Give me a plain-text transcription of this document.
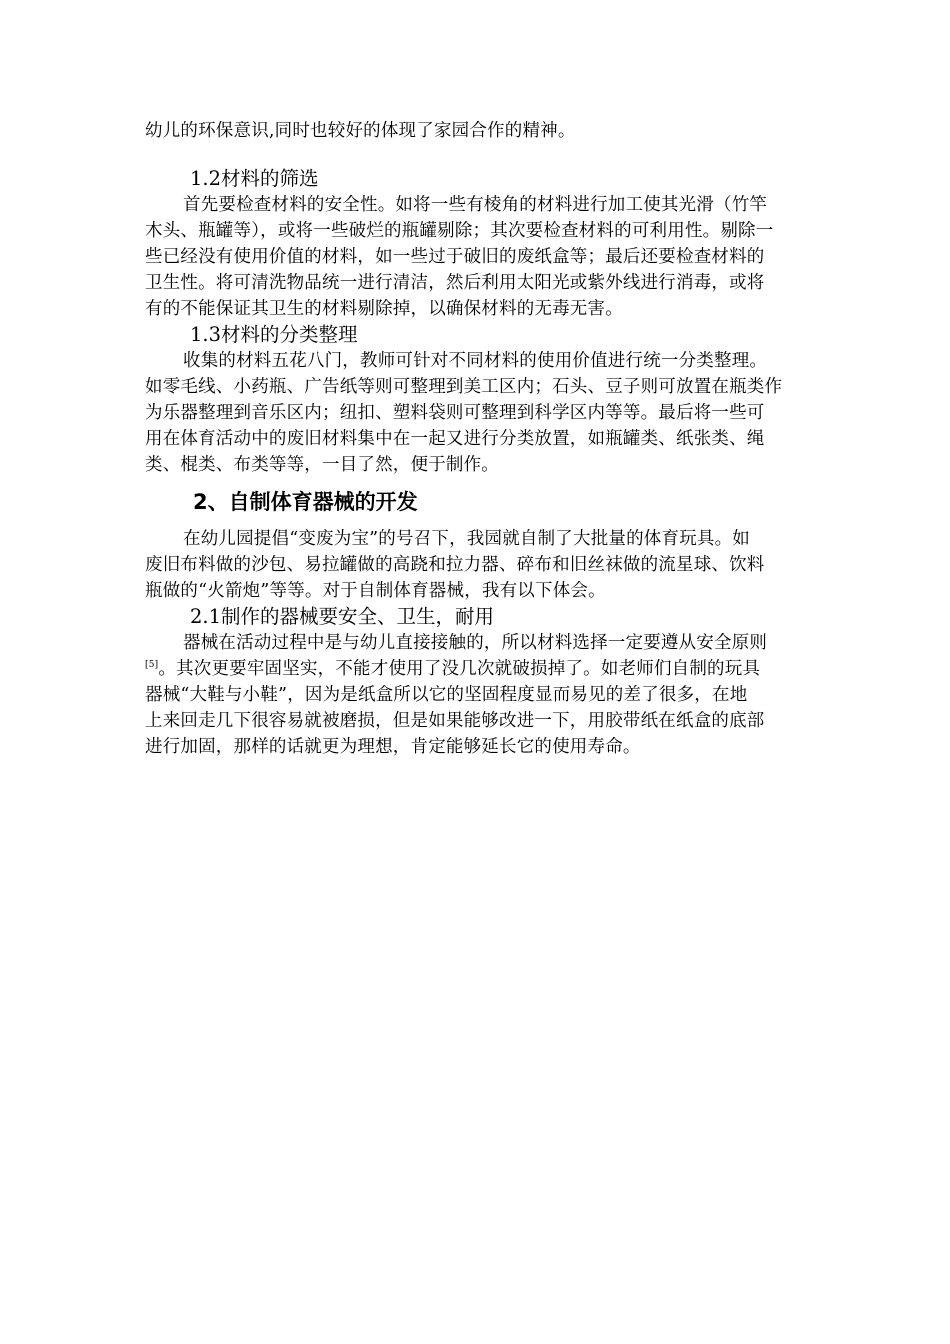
幼儿的环保意识,同时也较好的体现了家园合作的精神。
1.2材料的筛选
首先要检查材料的安全性。如将一些有棱角的材料进行加工使其光滑（竹竿
木头、瓶罐等），或将一些破烂的瓶罐剔除；其次要检查材料的可利用性。剔除一
些已经没有使用价值的材料，如一些过于破旧的废纸盒等；最后还要检查材料的
卫生性。将可清洗物品统一进行清洁，然后利用太阳光或紫外线进行消毒，或将
有的不能保证其卫生的材料剔除掉，以确保材料的无毒无害。
1.3材料的分类整理
收集的材料五花八门，教师可针对不同材料的使用价值进行统一分类整理。
如零毛线、小药瓶、广告纸等则可整理到美工区内；石头、豆子则可放置在瓶类作
为乐器整理到音乐区内；纽扣、塑料袋则可整理到科学区内等等。最后将一些可
用在体育活动中的废旧材料集中在一起又进行分类放置，如瓶罐类、纸张类、绳
类、棍类、布类等等，一目了然，便于制作。
2、自制体育器械的开发
在幼儿园提倡“变废为宝”的号召下，我园就自制了大批量的体育玩具。如
废旧布料做的沙包、易拉罐做的高跷和拉力器、碎布和旧丝袜做的流星球、饮料
瓶做的“火箭炮”等等。对于自制体育器械，我有以下体会。
2.1制作的器械要安全、卫生，耐用
器械在活动过程中是与幼儿直接接触的，所以材料选择一定要遵从安全原则
[5]。其次更要牢固坚实，不能才使用了没几次就破损掉了。如老师们自制的玩具
器械“大鞋与小鞋”，因为是纸盒所以它的坚固程度显而易见的差了很多，在地
上来回走几下很容易就被磨损，但是如果能够改进一下，用胶带纸在纸盒的底部
进行加固，那样的话就更为理想，肯定能够延长它的使用寿命。
